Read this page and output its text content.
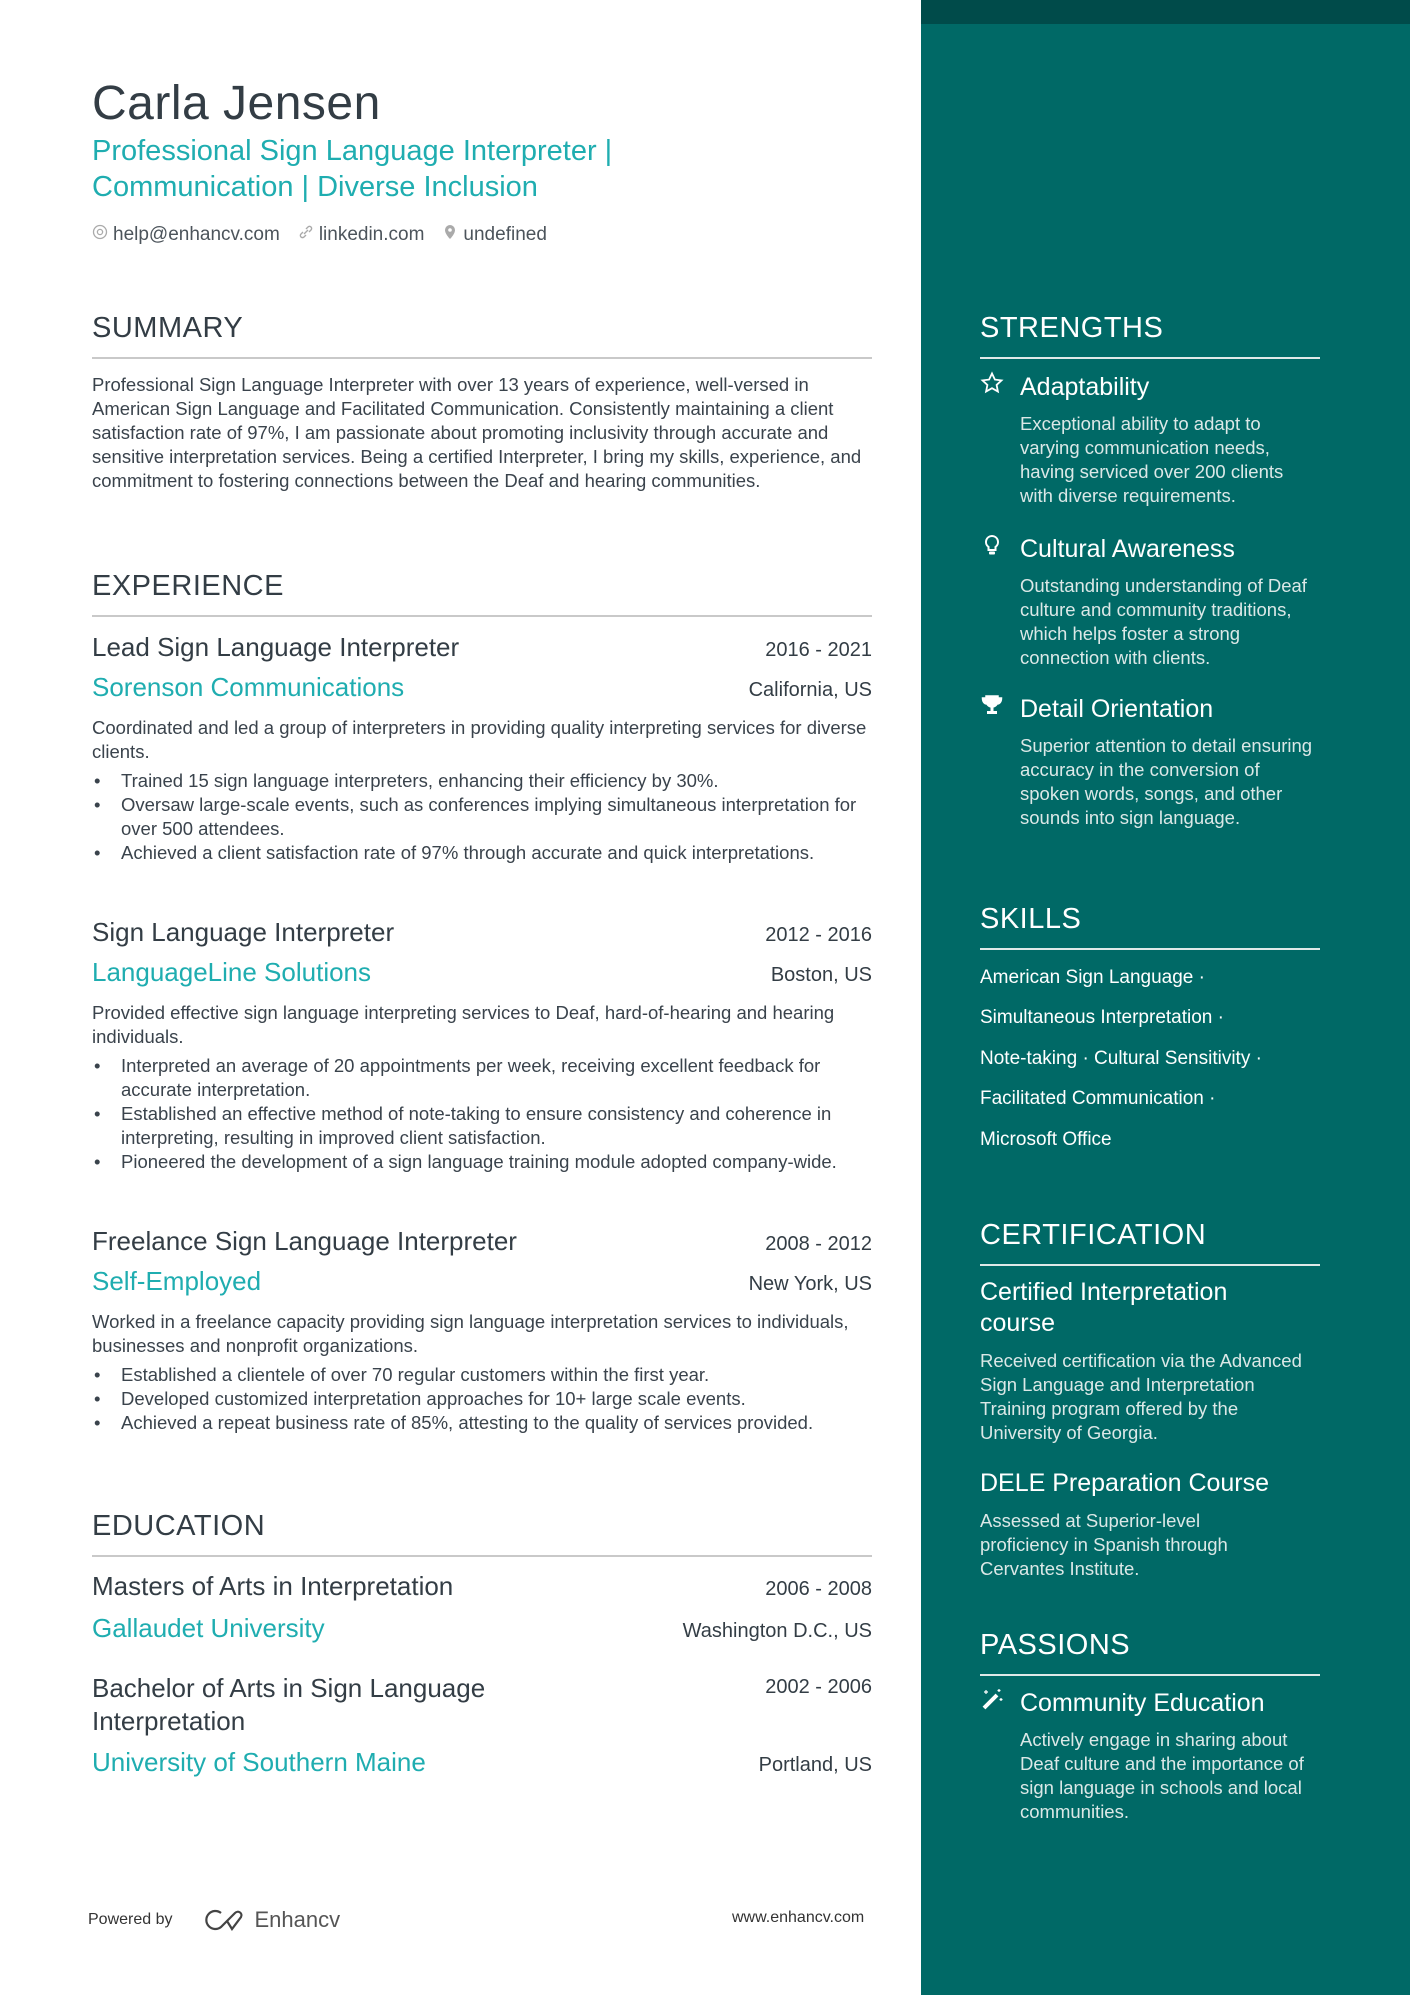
Carla Jensen
Professional Sign Language Interpreter | Communication | Diverse Inclusion
help@enhancv.com linkedin.com undefined
SUMMARY
Professional Sign Language Interpreter with over 13 years of experience, well-versed in American Sign Language and Facilitated Communication. Consistently maintaining a client satisfaction rate of 97%, I am passionate about promoting inclusivity through accurate and sensitive interpretation services. Being a certified Interpreter, I bring my skills, experience, and commitment to fostering connections between the Deaf and hearing communities.
EXPERIENCE
Lead Sign Language Interpreter	2016 - 2021
Sorenson Communications	California, US
Coordinated and led a group of interpreters in providing quality interpreting services for diverse clients.
• Trained 15 sign language interpreters, enhancing their efficiency by 30%.
• Oversaw large-scale events, such as conferences implying simultaneous interpretation for over 500 attendees.
• Achieved a client satisfaction rate of 97% through accurate and quick interpretations.
Sign Language Interpreter	2012 - 2016
LanguageLine Solutions	Boston, US
Provided effective sign language interpreting services to Deaf, hard-of-hearing and hearing individuals.
• Interpreted an average of 20 appointments per week, receiving excellent feedback for accurate interpretation.
• Established an effective method of note-taking to ensure consistency and coherence in interpreting, resulting in improved client satisfaction.
• Pioneered the development of a sign language training module adopted company-wide.
Freelance Sign Language Interpreter	2008 - 2012
Self-Employed	New York, US
Worked in a freelance capacity providing sign language interpretation services to individuals, businesses and nonprofit organizations.
• Established a clientele of over 70 regular customers within the first year.
• Developed customized interpretation approaches for 10+ large scale events.
• Achieved a repeat business rate of 85%, attesting to the quality of services provided.
EDUCATION
Masters of Arts in Interpretation	2006 - 2008
Gallaudet University	Washington D.C., US
Bachelor of Arts in Sign Language Interpretation
2002 - 2006
University of Southern Maine	Portland, US
Powered by	Enhancv	www.enhancv.com
STRENGTHS
Adaptability
Exceptional ability to adapt to varying communication needs, having serviced over 200 clients with diverse requirements.
Cultural Awareness
Outstanding understanding of Deaf culture and community traditions, which helps foster a strong connection with clients.
Detail Orientation
Superior attention to detail ensuring accuracy in the conversion of spoken words, songs, and other sounds into sign language.
SKILLS
American Sign Language ·
Simultaneous Interpretation ·
Note-taking · Cultural Sensitivity ·
Facilitated Communication ·
Microsoft Office
CERTIFICATION
Certified Interpretation course
Received certification via the Advanced Sign Language and Interpretation Training program offered by the University of Georgia.
DELE Preparation Course
Assessed at Superior-level proficiency in Spanish through Cervantes Institute.
PASSIONS
Community Education
Actively engage in sharing about Deaf culture and the importance of sign language in schools and local communities.
